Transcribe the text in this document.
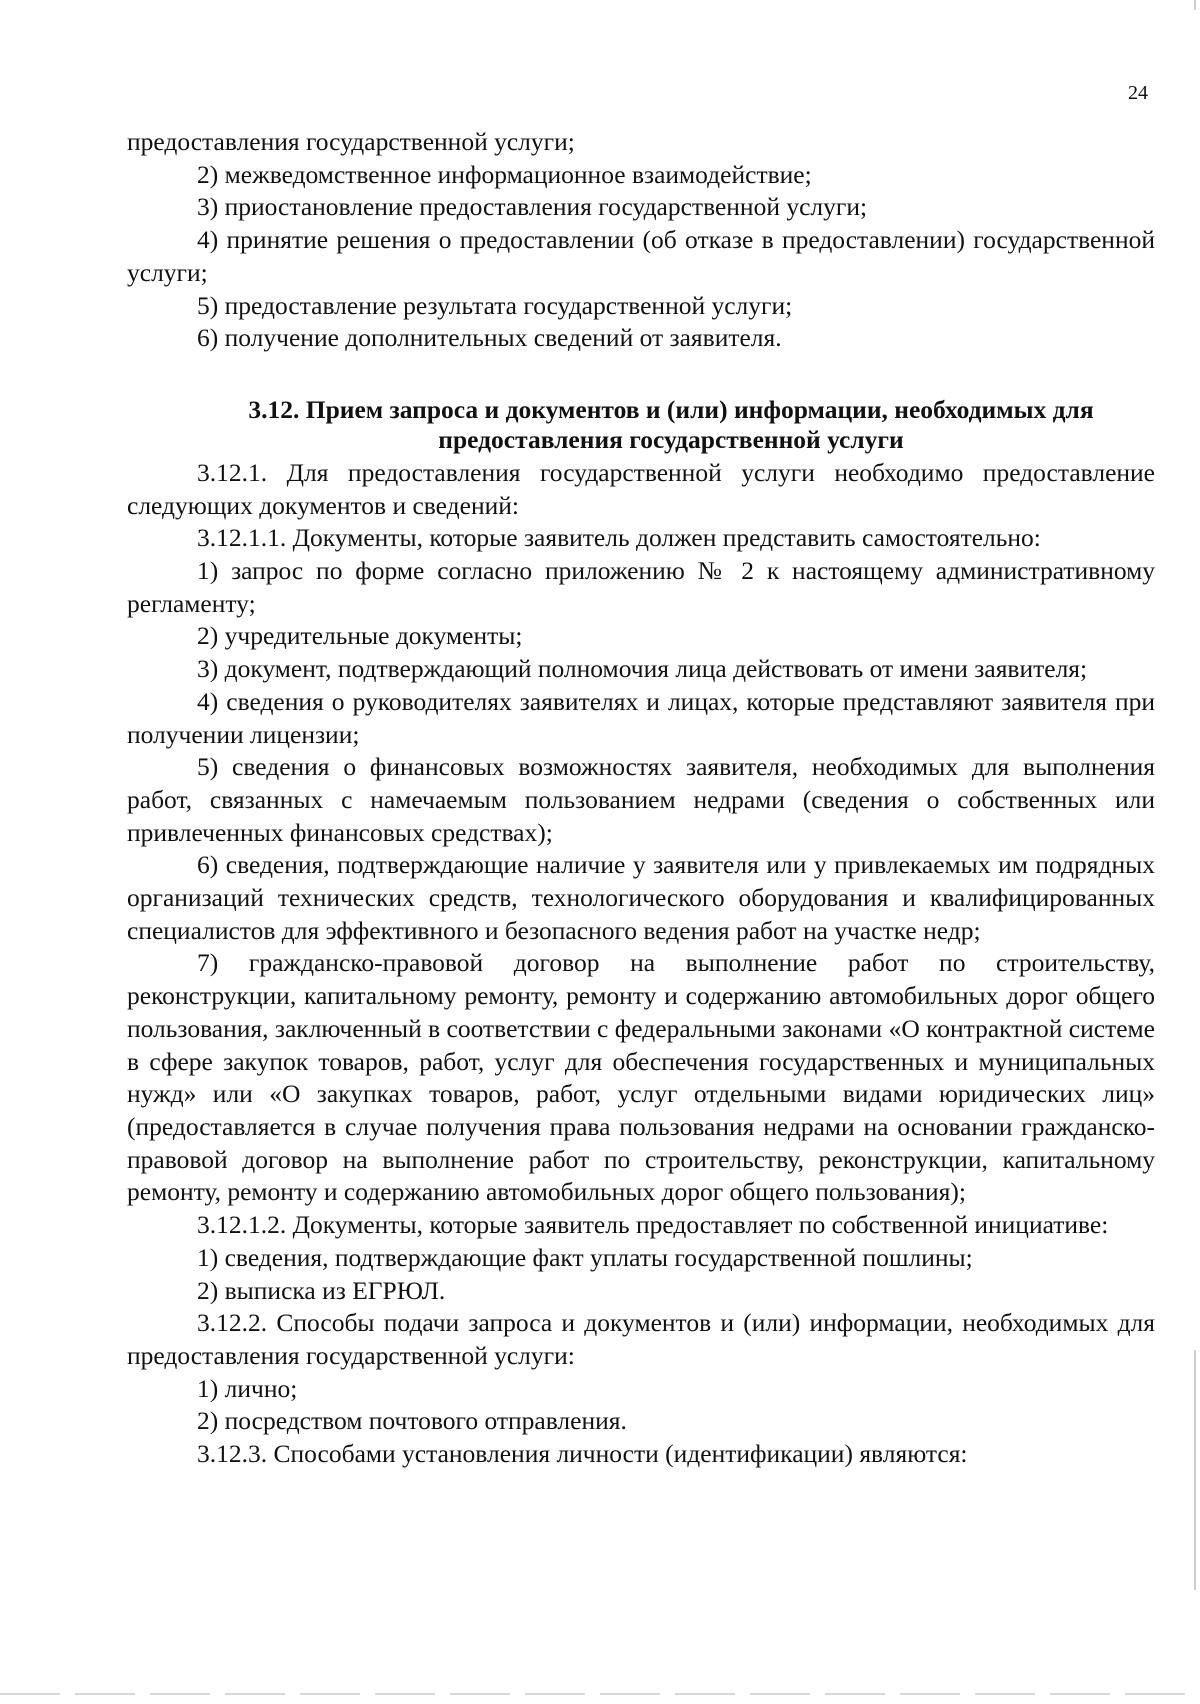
24

предоставления государственной услуги;

2) межведомственное информационное взаимодействие;

3) приостановление предоставления государственной услуги;

4) принятие решения о предоставлении (об отказе в предоставлении) государственной услуги;

5) предоставление результата государственной услуги;

6) получение дополнительных сведений от заявителя.

3.12. Прием запроса и документов и (или) информации, необходимых для предоставления государственной услуги

3.12.1. Для предоставления государственной услуги необходимо предоставление следующих документов и сведений:

3.12.1.1. Документы, которые заявитель должен представить самостоятельно:

1) запрос по форме согласно приложению № 2 к настоящему административному регламенту;

2) учредительные документы;

3) документ, подтверждающий полномочия лица действовать от имени заявителя;

4) сведения о руководителях заявителях и лицах, которые представляют заявителя при получении лицензии;

5) сведения о финансовых возможностях заявителя, необходимых для выполнения работ, связанных с намечаемым пользованием недрами (сведения о собственных или привлеченных финансовых средствах);

6) сведения, подтверждающие наличие у заявителя или у привлекаемых им подрядных организаций технических средств, технологического оборудования и квалифицированных специалистов для эффективного и безопасного ведения работ на участке недр;

7) гражданско-правовой договор на выполнение работ по строительству, реконструкции, капитальному ремонту, ремонту и содержанию автомобильных дорог общего пользования, заключенный в соответствии с федеральными законами «О контрактной системе в сфере закупок товаров, работ, услуг для обеспечения государственных и муниципальных нужд» или «О закупках товаров, работ, услуг отдельными видами юридических лиц» (предоставляется в случае получения права пользования недрами на основании гражданско-правовой договор на выполнение работ по строительству, реконструкции, капитальному ремонту, ремонту и содержанию автомобильных дорог общего пользования);

3.12.1.2. Документы, которые заявитель предоставляет по собственной инициативе:

1) сведения, подтверждающие факт уплаты государственной пошлины;

2) выписка из ЕГРЮЛ.

3.12.2. Способы подачи запроса и документов и (или) информации, необходимых для предоставления государственной услуги:

1) лично;

2) посредством почтового отправления.

3.12.3. Способами установления личности (идентификации) являются:
